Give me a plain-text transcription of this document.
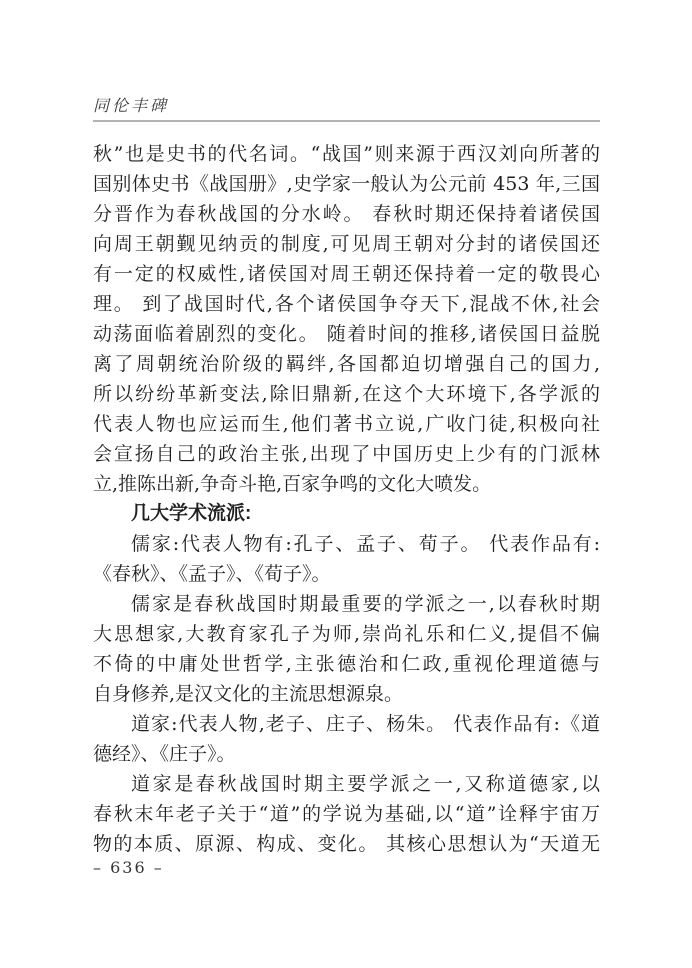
同伦丰碑
秋”也是史书的代名词。“战国”则来源于西汉刘向所著的
国别体史书《战国册》,史学家一般认为公元前 453 年,三国
分晋作为春秋战国的分水岭。 春秋时期还保持着诸侯国
向周王朝觐见纳贡的制度,可见周王朝对分封的诸侯国还
有一定的权威性,诸侯国对周王朝还保持着一定的敬畏心
理。 到了战国时代,各个诸侯国争夺天下,混战不休,社会
动荡面临着剧烈的变化。 随着时间的推移,诸侯国日益脱
离了周朝统治阶级的羁绊,各国都迫切增强自己的国力,
所以纷纷革新变法,除旧鼎新,在这个大环境下,各学派的
代表人物也应运而生,他们著书立说,广收门徒,积极向社
会宣扬自己的政治主张,出现了中国历史上少有的门派林
立,推陈出新,争奇斗艳,百家争鸣的文化大喷发。
几大学术流派:
儒家:代表人物有:孔子、孟子、荀子。 代表作品有:
《春秋》、《孟子》、《荀子》。
儒家是春秋战国时期最重要的学派之一,以春秋时期
大思想家,大教育家孔子为师,崇尚礼乐和仁义,提倡不偏
不倚的中庸处世哲学,主张德治和仁政,重视伦理道德与
自身修养,是汉文化的主流思想源泉。
道家:代表人物,老子、庄子、杨朱。 代表作品有:《道
德经》、《庄子》。
道家是春秋战国时期主要学派之一,又称道德家,以
春秋末年老子关于“道”的学说为基础,以“道”诠释宇宙万
物的本质、原源、构成、变化。 其核心思想认为“天道无
– 636 –
